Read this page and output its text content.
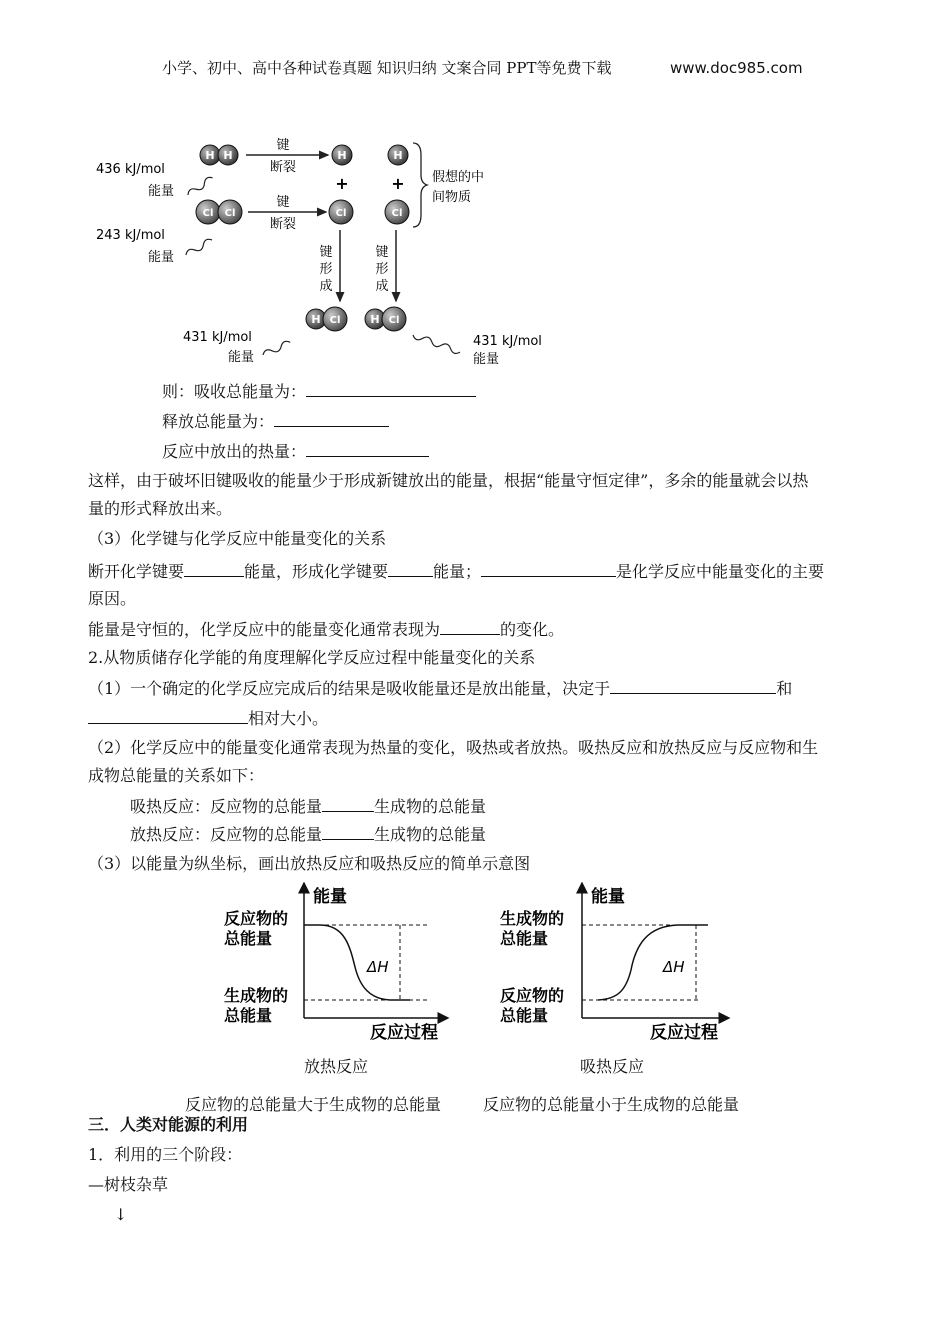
小学、初中、高中各种试卷真题 知识归纳 文案合同 PPT等免费下载	www.doc985.com
H H
键
断裂
H	H
+	+ 假想的中
间物质
436 kJ/mol
能量
Cl Cl
键
断裂
Cl	Cl
243 kJ/mol
能量	键
形
成
键
形
成
H Cl	H Cl
431 kJ/mol
能量
431 kJ/mol
能量
则：吸收总能量为：
释放总能量为：
反应中放出的热量：
这样，由于破坏旧键吸收的能量少于形成新键放出的能量，根据“能量守恒定律”，多余的能量就会以热
量的形式释放出来。
（3）化学键与化学反应中能量变化的关系
断开化学键要	能量，形成化学键要	能量；	是化学反应中能量变化的主要
原因。
能量是守恒的，化学反应中的能量变化通常表现为	的变化。
2.从物质储存化学能的角度理解化学反应过程中能量变化的关系
（1）一个确定的化学反应完成后的结果是吸收能量还是放出能量，决定于	和
相对大小。
（2）化学反应中的能量变化通常表现为热量的变化，吸热或者放热。吸热反应和放热反应与反应物和生
成物总能量的关系如下：
吸热反应：反应物的总能量	生成物的总能量
放热反应：反应物的总能量	生成物的总能量
（3）以能量为纵坐标，画出放热反应和吸热反应的简单示意图
能量
反应过程
ΔH
反应物的
总能量
生成物的
总能量
能量
反应过程
ΔH
生成物的
总能量
反应物的
总能量
放热反应	吸热反应
反应物的总能量大于生成物的总能量	反应物的总能量小于生成物的总能量
三．人类对能源的利用
1．利用的三个阶段：
—树枝杂草
↓
